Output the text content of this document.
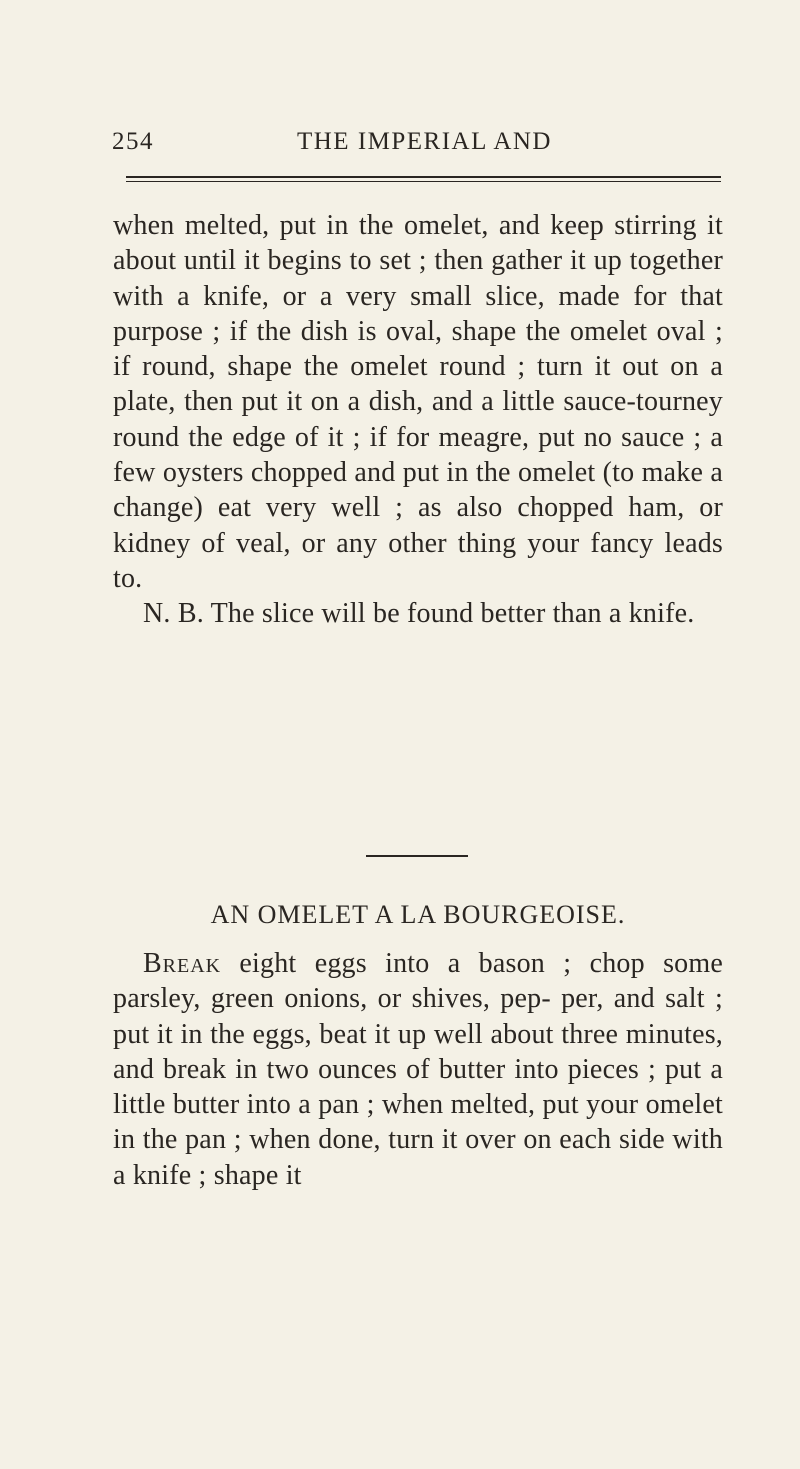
254	THE IMPERIAL AND

when melted, put in the omelet, and keep stirring it about until it begins to set ; then gather it up together with a knife, or a very small slice, made for that purpose ; if the dish is oval, shape the omelet oval ; if round, shape the omelet round ; turn it out on a plate, then put it on a dish, and a little sauce-tourney round the edge of it ; if for meagre, put no sauce ; a few oysters chopped and put in the omelet (to make a change) eat very well ; as also chopped ham, or kidney of veal, or any other thing your fancy leads to.

N. B. The slice will be found better than a knife.

AN OMELET A LA BOURGEOISE.

Break eight eggs into a bason ; chop some parsley, green onions, or shives, pep- per, and salt ; put it in the eggs, beat it up well about three minutes, and break in two ounces of butter into pieces ; put a little butter into a pan ; when melted, put your omelet in the pan ; when done, turn it over on each side with a knife ; shape it
